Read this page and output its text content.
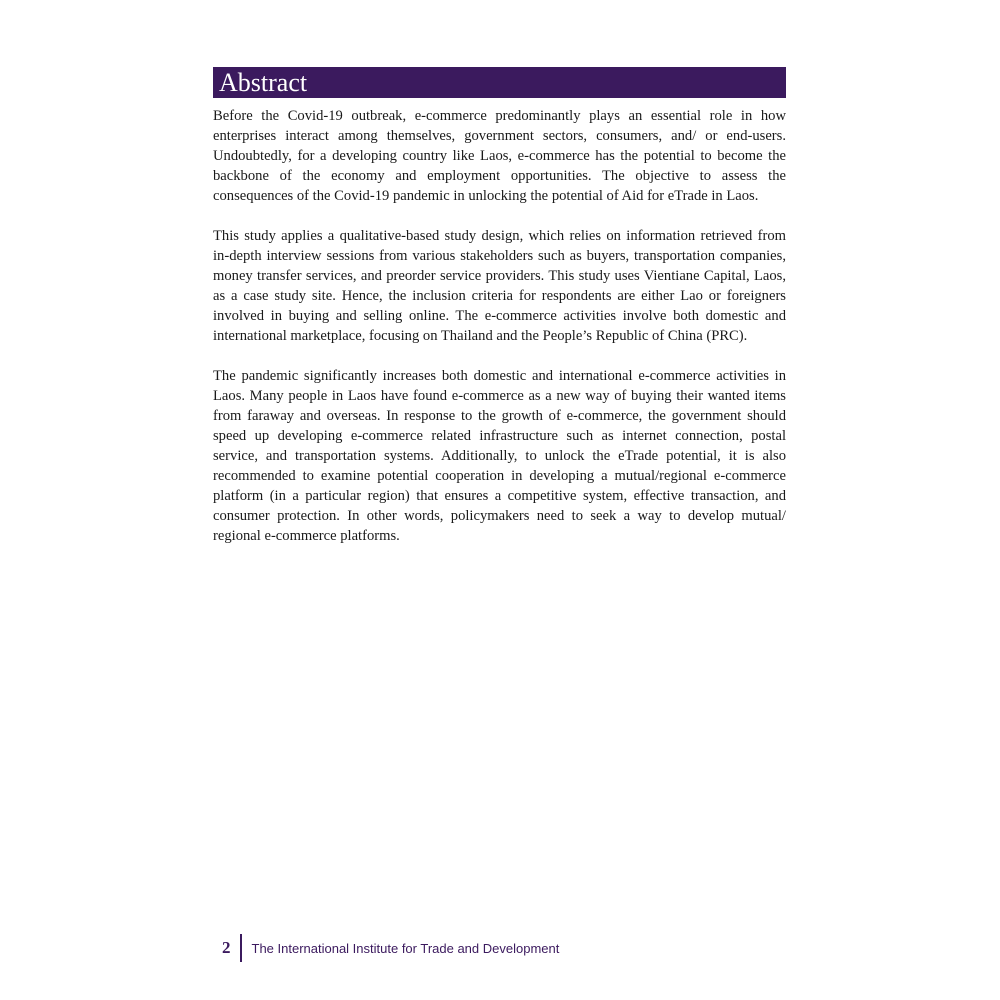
Abstract

Before the Covid-19 outbreak, e-commerce predominantly plays an essential role in how enterprises interact among themselves, government sectors, consumers, and/ or end-users. Undoubtedly, for a developing country like Laos, e-commerce has the potential to become the backbone of the economy and employment opportunities. The objective to assess the consequences of the Covid-19 pandemic in unlocking the potential of Aid for eTrade in Laos.

This study applies a qualitative-based study design, which relies on information retrieved from in-depth interview sessions from various stakeholders such as buyers, transportation companies, money transfer services, and preorder service providers. This study uses Vientiane Capital, Laos, as a case study site. Hence, the inclusion criteria for respondents are either Lao or foreigners involved in buying and selling online. The e-commerce activities involve both domestic and international marketplace, focusing on Thailand and the People’s Republic of China (PRC).

The pandemic significantly increases both domestic and international e-commerce activities in Laos. Many people in Laos have found e-commerce as a new way of buying their wanted items from faraway and overseas. In response to the growth of e-commerce, the government should speed up developing e-commerce related infrastructure such as internet connection, postal service, and transportation systems. Additionally, to unlock the eTrade potential, it is also recommended to examine potential cooperation in developing a mutual/regional e-commerce platform (in a particular region) that ensures a competitive system, effective transaction, and consumer protection. In other words, policymakers need to seek a way to develop mutual/ regional e-commerce platforms.

2 The International Institute for Trade and Development
